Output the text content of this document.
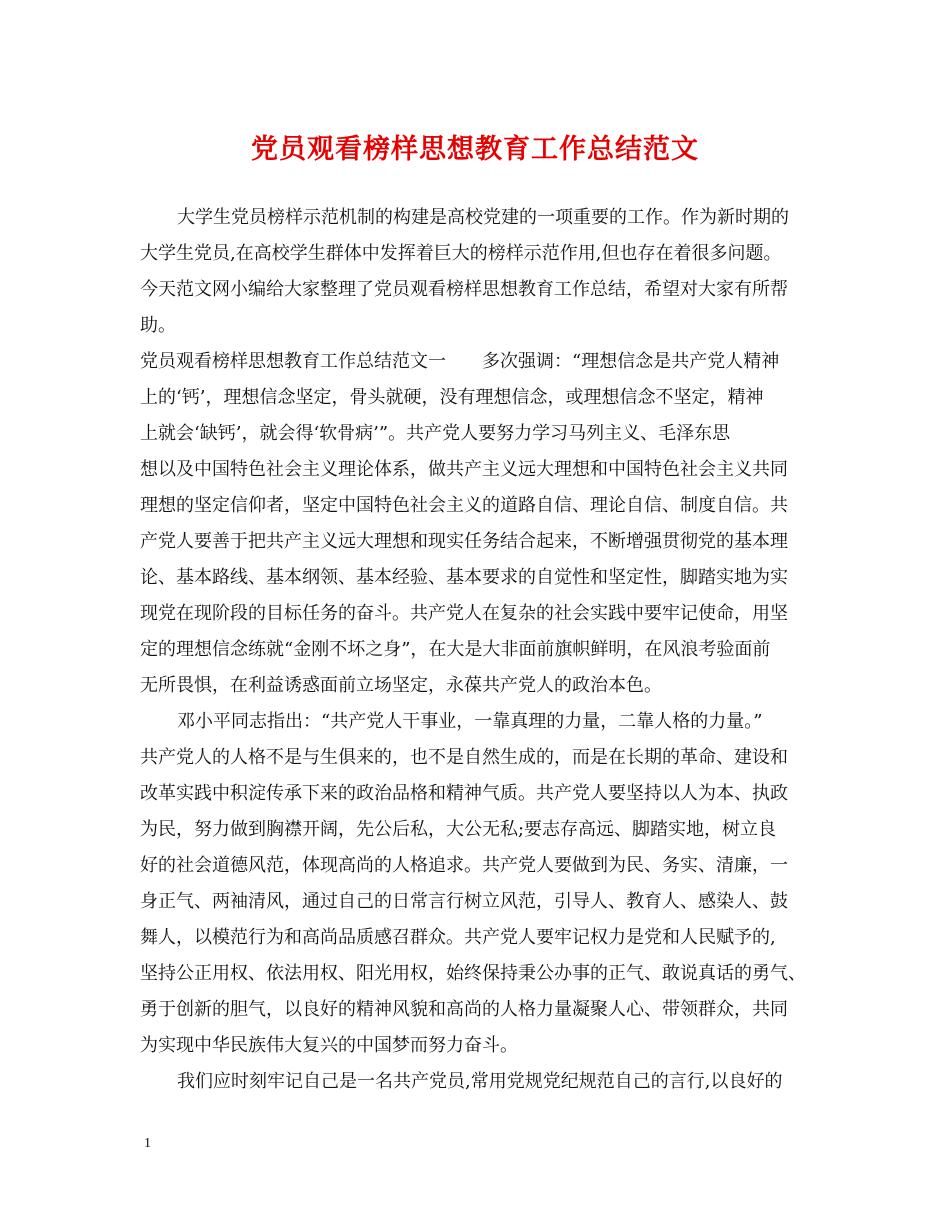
党员观看榜样思想教育工作总结范文

大学生党员榜样示范机制的构建是高校党建的一项重要的工作。作为新时期的

大学生党员,在高校学生群体中发挥着巨大的榜样示范作用,但也存在着很多问题。

今天范文网小编给大家整理了党员观看榜样思想教育工作总结，希望对大家有所帮

助。

党员观看榜样思想教育工作总结范文一 多次强调：“理想信念是共产党人精神

上的‘钙’，理想信念坚定，骨头就硬，没有理想信念，或理想信念不坚定，精神

上就会‘缺钙’，就会得‘软骨病’”。共产党人要努力学习马列主义、毛泽东思

想以及中国特色社会主义理论体系，做共产主义远大理想和中国特色社会主义共同

理想的坚定信仰者，坚定中国特色社会主义的道路自信、理论自信、制度自信。共

产党人要善于把共产主义远大理想和现实任务结合起来，不断增强贯彻党的基本理

论、基本路线、基本纲领、基本经验、基本要求的自觉性和坚定性，脚踏实地为实

现党在现阶段的目标任务的奋斗。共产党人在复杂的社会实践中要牢记使命，用坚

定的理想信念练就“金刚不坏之身”，在大是大非面前旗帜鲜明，在风浪考验面前

无所畏惧，在利益诱惑面前立场坚定，永葆共产党人的政治本色。

邓小平同志指出：“共产党人干事业，一靠真理的力量，二靠人格的力量。”

共产党人的人格不是与生俱来的，也不是自然生成的，而是在长期的革命、建设和

改革实践中积淀传承下来的政治品格和精神气质。共产党人要坚持以人为本、执政

为民，努力做到胸襟开阔，先公后私，大公无私;要志存高远、脚踏实地，树立良

好的社会道德风范，体现高尚的人格追求。共产党人要做到为民、务实、清廉，一

身正气、两袖清风，通过自己的日常言行树立风范，引导人、教育人、感染人、鼓

舞人，以模范行为和高尚品质感召群众。共产党人要牢记权力是党和人民赋予的,

坚持公正用权、依法用权、阳光用权，始终保持秉公办事的正气、敢说真话的勇气、

勇于创新的胆气，以良好的精神风貌和高尚的人格力量凝聚人心、带领群众，共同

为实现中华民族伟大复兴的中国梦而努力奋斗。

我们应时刻牢记自己是一名共产党员,常用党规党纪规范自己的言行,以良好的

1
